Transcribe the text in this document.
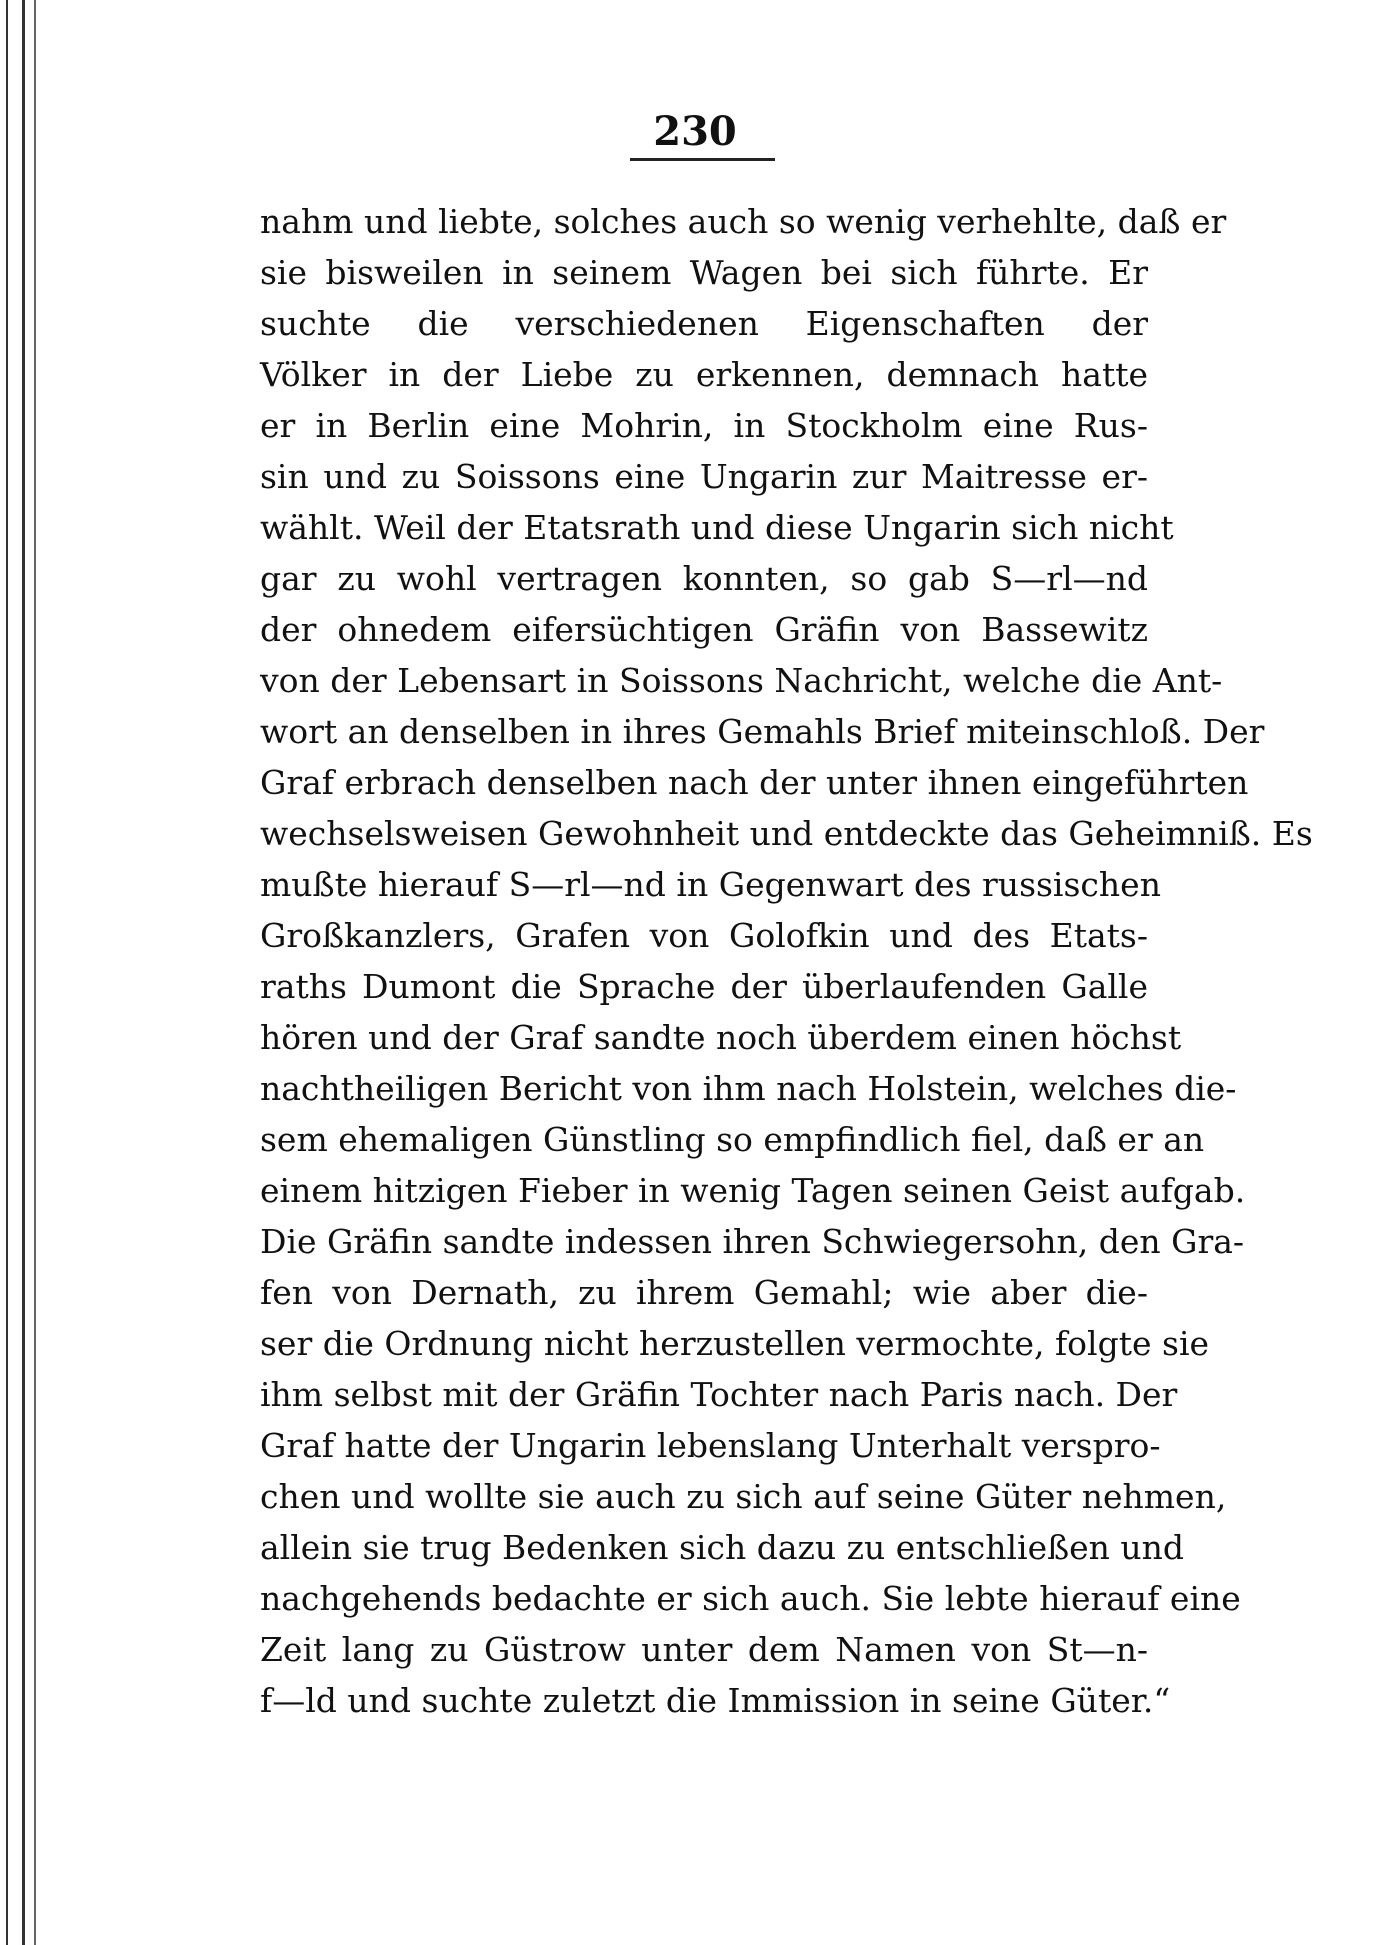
230
nahm und liebte, solches auch so wenig verhehlte, daß er
sie bisweilen in seinem Wagen bei sich führte. Er
suchte die verschiedenen Eigenschaften der
Völker in der Liebe zu erkennen, demnach hatte
er in Berlin eine Mohrin, in Stockholm eine Rus-
sin und zu Soissons eine Ungarin zur Maitresse er-
wählt. Weil der Etatsrath und diese Ungarin sich nicht
gar zu wohl vertragen konnten, so gab S—rl—nd
der ohnedem eifersüchtigen Gräfin von Bassewitz
von der Lebensart in Soissons Nachricht, welche die Ant-
wort an denselben in ihres Gemahls Brief miteinschloß. Der
Graf erbrach denselben nach der unter ihnen eingeführten
wechselsweisen Gewohnheit und entdeckte das Geheimniß. Es
mußte hierauf S—rl—nd in Gegenwart des russischen
Großkanzlers, Grafen von Golofkin und des Etats-
raths Dumont die Sprache der überlaufenden Galle
hören und der Graf sandte noch überdem einen höchst
nachtheiligen Bericht von ihm nach Holstein, welches die-
sem ehemaligen Günstling so empfindlich fiel, daß er an
einem hitzigen Fieber in wenig Tagen seinen Geist aufgab.
Die Gräfin sandte indessen ihren Schwiegersohn, den Gra-
fen von Dernath, zu ihrem Gemahl; wie aber die-
ser die Ordnung nicht herzustellen vermochte, folgte sie
ihm selbst mit der Gräfin Tochter nach Paris nach. Der
Graf hatte der Ungarin lebenslang Unterhalt verspro-
chen und wollte sie auch zu sich auf seine Güter nehmen,
allein sie trug Bedenken sich dazu zu entschließen und
nachgehends bedachte er sich auch. Sie lebte hierauf eine
Zeit lang zu Güstrow unter dem Namen von St—n-
f—ld und suchte zuletzt die Immission in seine Güter.“
